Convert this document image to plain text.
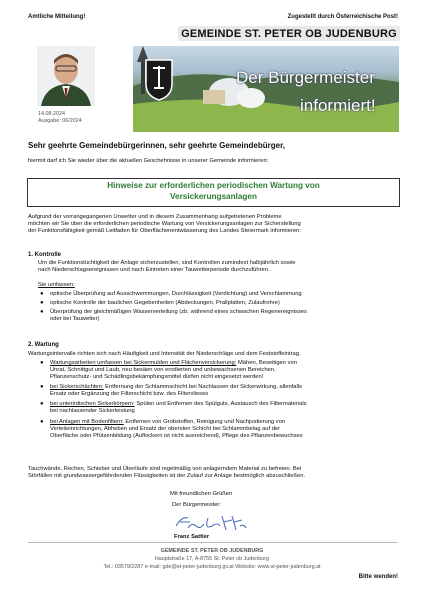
Amtliche Mitteilung!	Zugestellt durch Österreichische Post!
GEMEINDE ST. PETER OB JUDENBURG
14.08.2024
Ausgabe: 06/2024
Der Bürgermeister
informiert!
Sehr geehrte Gemeindebürgerinnen, sehr geehrte Gemeindebürger,
hiermit darf ich Sie wieder über die aktuellen Geschehnisse in unserer Gemeinde informieren:
Hinweise zur erforderlichen periodischen Wartung von
Versickerungsanlagen
Aufgrund der vorrangegangenen Unwetter und in diesem Zusammenhang aufgetretenen Probleme
möchten wir Sie über die erforderlichen periodische Wartung von Versickerungsanlagen zur Sicherstellung
der Funktionsfähigkeit gemäß Leitfaden für Oberflächenentwässerung des Landes Steiermark informieren:
1. Kontrolle
Um die Funktionstüchtigkeit der Anlage sicherzustellen, sind Kontrollen zumindest halbjährlich sowie
nach Niederschlagsereignissen und nach Eintreten einer Tauwetterperiode durchzuführen.
Sie umfassen:
● optische Überprüfung auf Ausschwemmungen, Durchlässigkeit (Verdichtung) und Verschlammung
● optische Kontrolle der baulichen Gegebenheiten (Abdeckungen, Prallplatten, Zulaufrohre)
● Überprüfung der gleichmäßigen Wasserverteilung (zb. während eines schwachen Regenereignisses
oder bei Tauwetter)
2. Wartung
Wartungsintervalle richten sich nach Häufigkeit und Intensität der Niederschläge und dem Feststoffeintrag.
● Wartungsarbeiten umfassen bei Sickermulden und Flächenversickerung: Mähen, Beseitigen von
Unrat, Schnittgut und Laub, neu besäen von erodierten und unbewachsenen Bereichen.
Pflanzenschutz- und Schädlingsbekämpfungsmittel dürfen nicht eingesetzt werden!
● bei Sickerschächten: Entfernung der Schlammschicht bei Nachlassen der Sickerwirkung, allenfalls
Ersatz oder Ergänzung der Filterschicht bzw. des Filtervlieses
● bei unterirdischen Sickerkörpern: Spülen und Entfernen des Spülguts, Austausch des Filtermaterials
bei nachlassender Sickerleistung
● bei Anlagen mit Bodenfiltern: Entfernen von Grobstoffen, Reinigung und Nachjustierung von
Verteileinrichtungen, Abheben und Ersatz der obersten Schicht bei Schlammbelag auf der
Oberfläche oder Pfützenbildung (Auflockern ist nicht ausreichend), Pflege des Pflanzenbewuchses
Tauchwände, Rechen, Schieber und Überläufe sind regelmäßig von anlagerndem Material zu befreien. Bei
Störfällen mit grundwassergefährdenden Flüssigkeiten ist der Zulauf zur Anlage bestmöglich abzuschließen.
Mit freundlichen Grüßen
Der Bürgermeister:
Franz Sattler
GEMEINDE ST. PETER OB JUDENBURG
Hauptstraße 17, A-8755 St. Peter ob Judenburg
Tel.: 03579/2287 e-mail: gde@st-peter-judenburg.gv.at Website: www.st-peter-judenburg.at
Bitte wenden!
